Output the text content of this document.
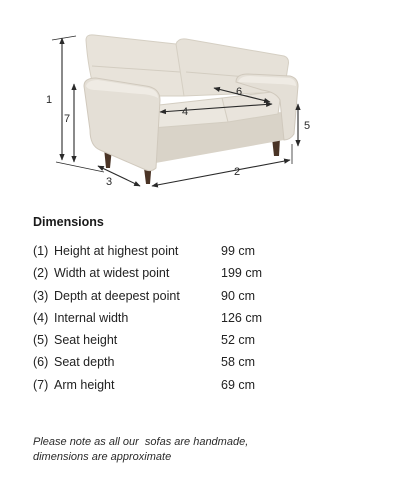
1
7
4
6
5
3
2
Dimensions
(1) Height at highest point	99 cm
(2) Width at widest point	199 cm
(3) Depth at deepest point	90 cm
(4) Internal width	126 cm
(5) Seat height	52 cm
(6) Seat depth	58 cm
(7) Arm height	69 cm
Please note as all our  sofas are handmade,
dimensions are approximate
